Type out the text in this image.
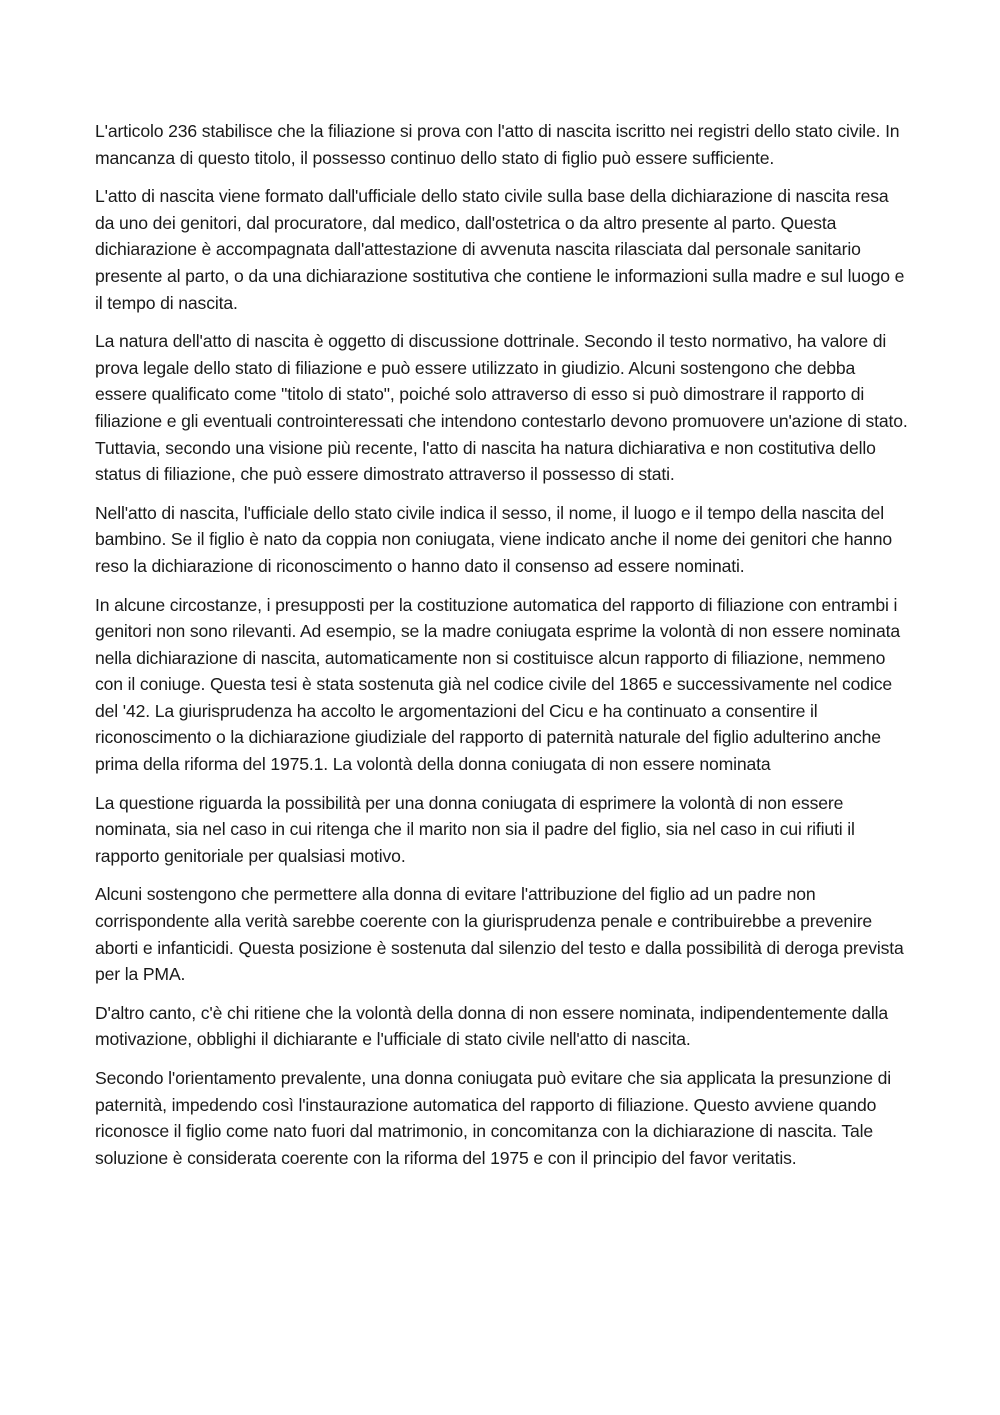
L'articolo 236 stabilisce che la filiazione si prova con l'atto di nascita iscritto nei registri dello stato civile. In mancanza di questo titolo, il possesso continuo dello stato di figlio può essere sufficiente.

L'atto di nascita viene formato dall'ufficiale dello stato civile sulla base della dichiarazione di nascita resa da uno dei genitori, dal procuratore, dal medico, dall'ostetrica o da altro presente al parto. Questa dichiarazione è accompagnata dall'attestazione di avvenuta nascita rilasciata dal personale sanitario presente al parto, o da una dichiarazione sostitutiva che contiene le informazioni sulla madre e sul luogo e il tempo di nascita.

La natura dell'atto di nascita è oggetto di discussione dottrinale. Secondo il testo normativo, ha valore di prova legale dello stato di filiazione e può essere utilizzato in giudizio. Alcuni sostengono che debba essere qualificato come "titolo di stato", poiché solo attraverso di esso si può dimostrare il rapporto di filiazione e gli eventuali controinteressati che intendono contestarlo devono promuovere un'azione di stato. Tuttavia, secondo una visione più recente, l'atto di nascita ha natura dichiarativa e non costitutiva dello status di filiazione, che può essere dimostrato attraverso il possesso di stati.

Nell'atto di nascita, l'ufficiale dello stato civile indica il sesso, il nome, il luogo e il tempo della nascita del bambino. Se il figlio è nato da coppia non coniugata, viene indicato anche il nome dei genitori che hanno reso la dichiarazione di riconoscimento o hanno dato il consenso ad essere nominati.

In alcune circostanze, i presupposti per la costituzione automatica del rapporto di filiazione con entrambi i genitori non sono rilevanti. Ad esempio, se la madre coniugata esprime la volontà di non essere nominata nella dichiarazione di nascita, automaticamente non si costituisce alcun rapporto di filiazione, nemmeno con il coniuge. Questa tesi è stata sostenuta già nel codice civile del 1865 e successivamente nel codice del '42. La giurisprudenza ha accolto le argomentazioni del Cicu e ha continuato a consentire il riconoscimento o la dichiarazione giudiziale del rapporto di paternità naturale del figlio adulterino anche prima della riforma del 1975.1. La volontà della donna coniugata di non essere nominata

La questione riguarda la possibilità per una donna coniugata di esprimere la volontà di non essere nominata, sia nel caso in cui ritenga che il marito non sia il padre del figlio, sia nel caso in cui rifiuti il rapporto genitoriale per qualsiasi motivo.

Alcuni sostengono che permettere alla donna di evitare l'attribuzione del figlio ad un padre non corrispondente alla verità sarebbe coerente con la giurisprudenza penale e contribuirebbe a prevenire aborti e infanticidi. Questa posizione è sostenuta dal silenzio del testo e dalla possibilità di deroga prevista per la PMA.

D'altro canto, c'è chi ritiene che la volontà della donna di non essere nominata, indipendentemente dalla motivazione, obblighi il dichiarante e l'ufficiale di stato civile nell'atto di nascita.

Secondo l'orientamento prevalente, una donna coniugata può evitare che sia applicata la presunzione di paternità, impedendo così l'instaurazione automatica del rapporto di filiazione. Questo avviene quando riconosce il figlio come nato fuori dal matrimonio, in concomitanza con la dichiarazione di nascita. Tale soluzione è considerata coerente con la riforma del 1975 e con il principio del favor veritatis.
